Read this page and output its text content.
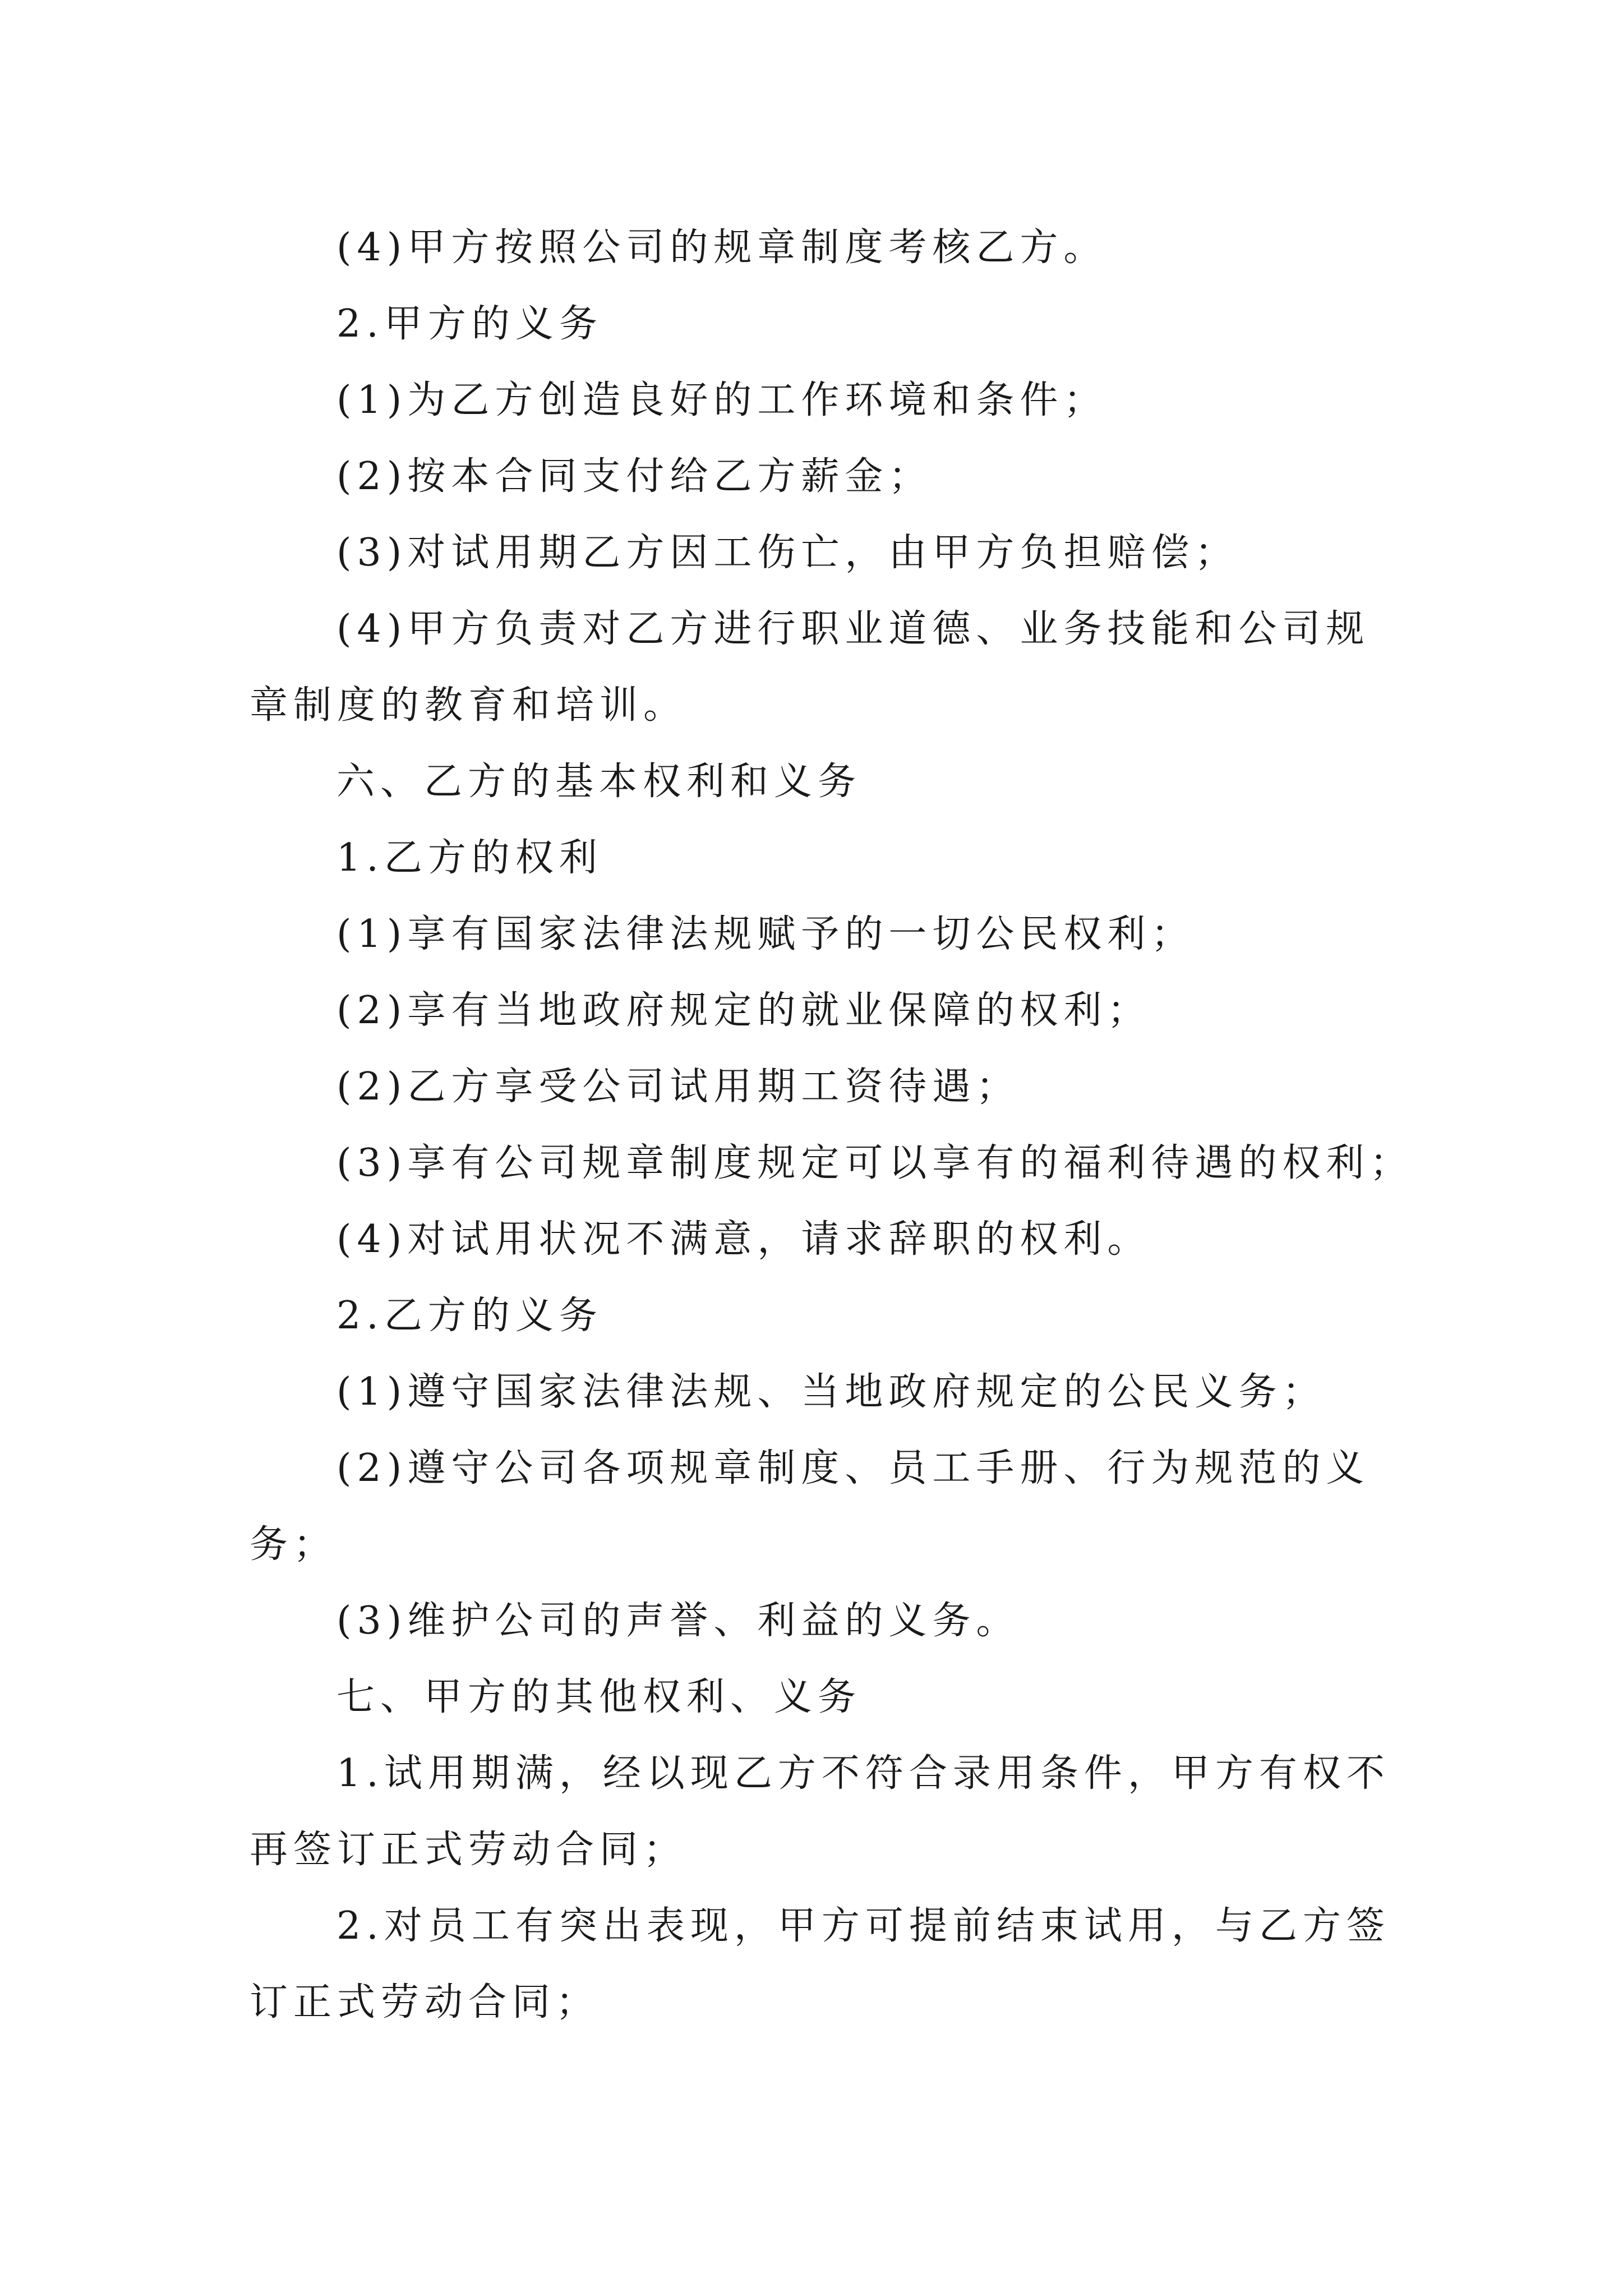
(4)甲方按照公司的规章制度考核乙方。

2.甲方的义务

(1)为乙方创造良好的工作环境和条件；

(2)按本合同支付给乙方薪金；

(3)对试用期乙方因工伤亡，由甲方负担赔偿；

(4)甲方负责对乙方进行职业道德、业务技能和公司规
章制度的教育和培训。

六、乙方的基本权利和义务

1.乙方的权利

(1)享有国家法律法规赋予的一切公民权利；

(2)享有当地政府规定的就业保障的权利；

(2)乙方享受公司试用期工资待遇；

(3)享有公司规章制度规定可以享有的福利待遇的权利；

(4)对试用状况不满意，请求辞职的权利。

2.乙方的义务

(1)遵守国家法律法规、当地政府规定的公民义务；

(2)遵守公司各项规章制度、员工手册、行为规范的义
务；

(3)维护公司的声誉、利益的义务。

七、甲方的其他权利、义务

1.试用期满，经以现乙方不符合录用条件，甲方有权不
再签订正式劳动合同；

2.对员工有突出表现，甲方可提前结束试用，与乙方签
订正式劳动合同；
